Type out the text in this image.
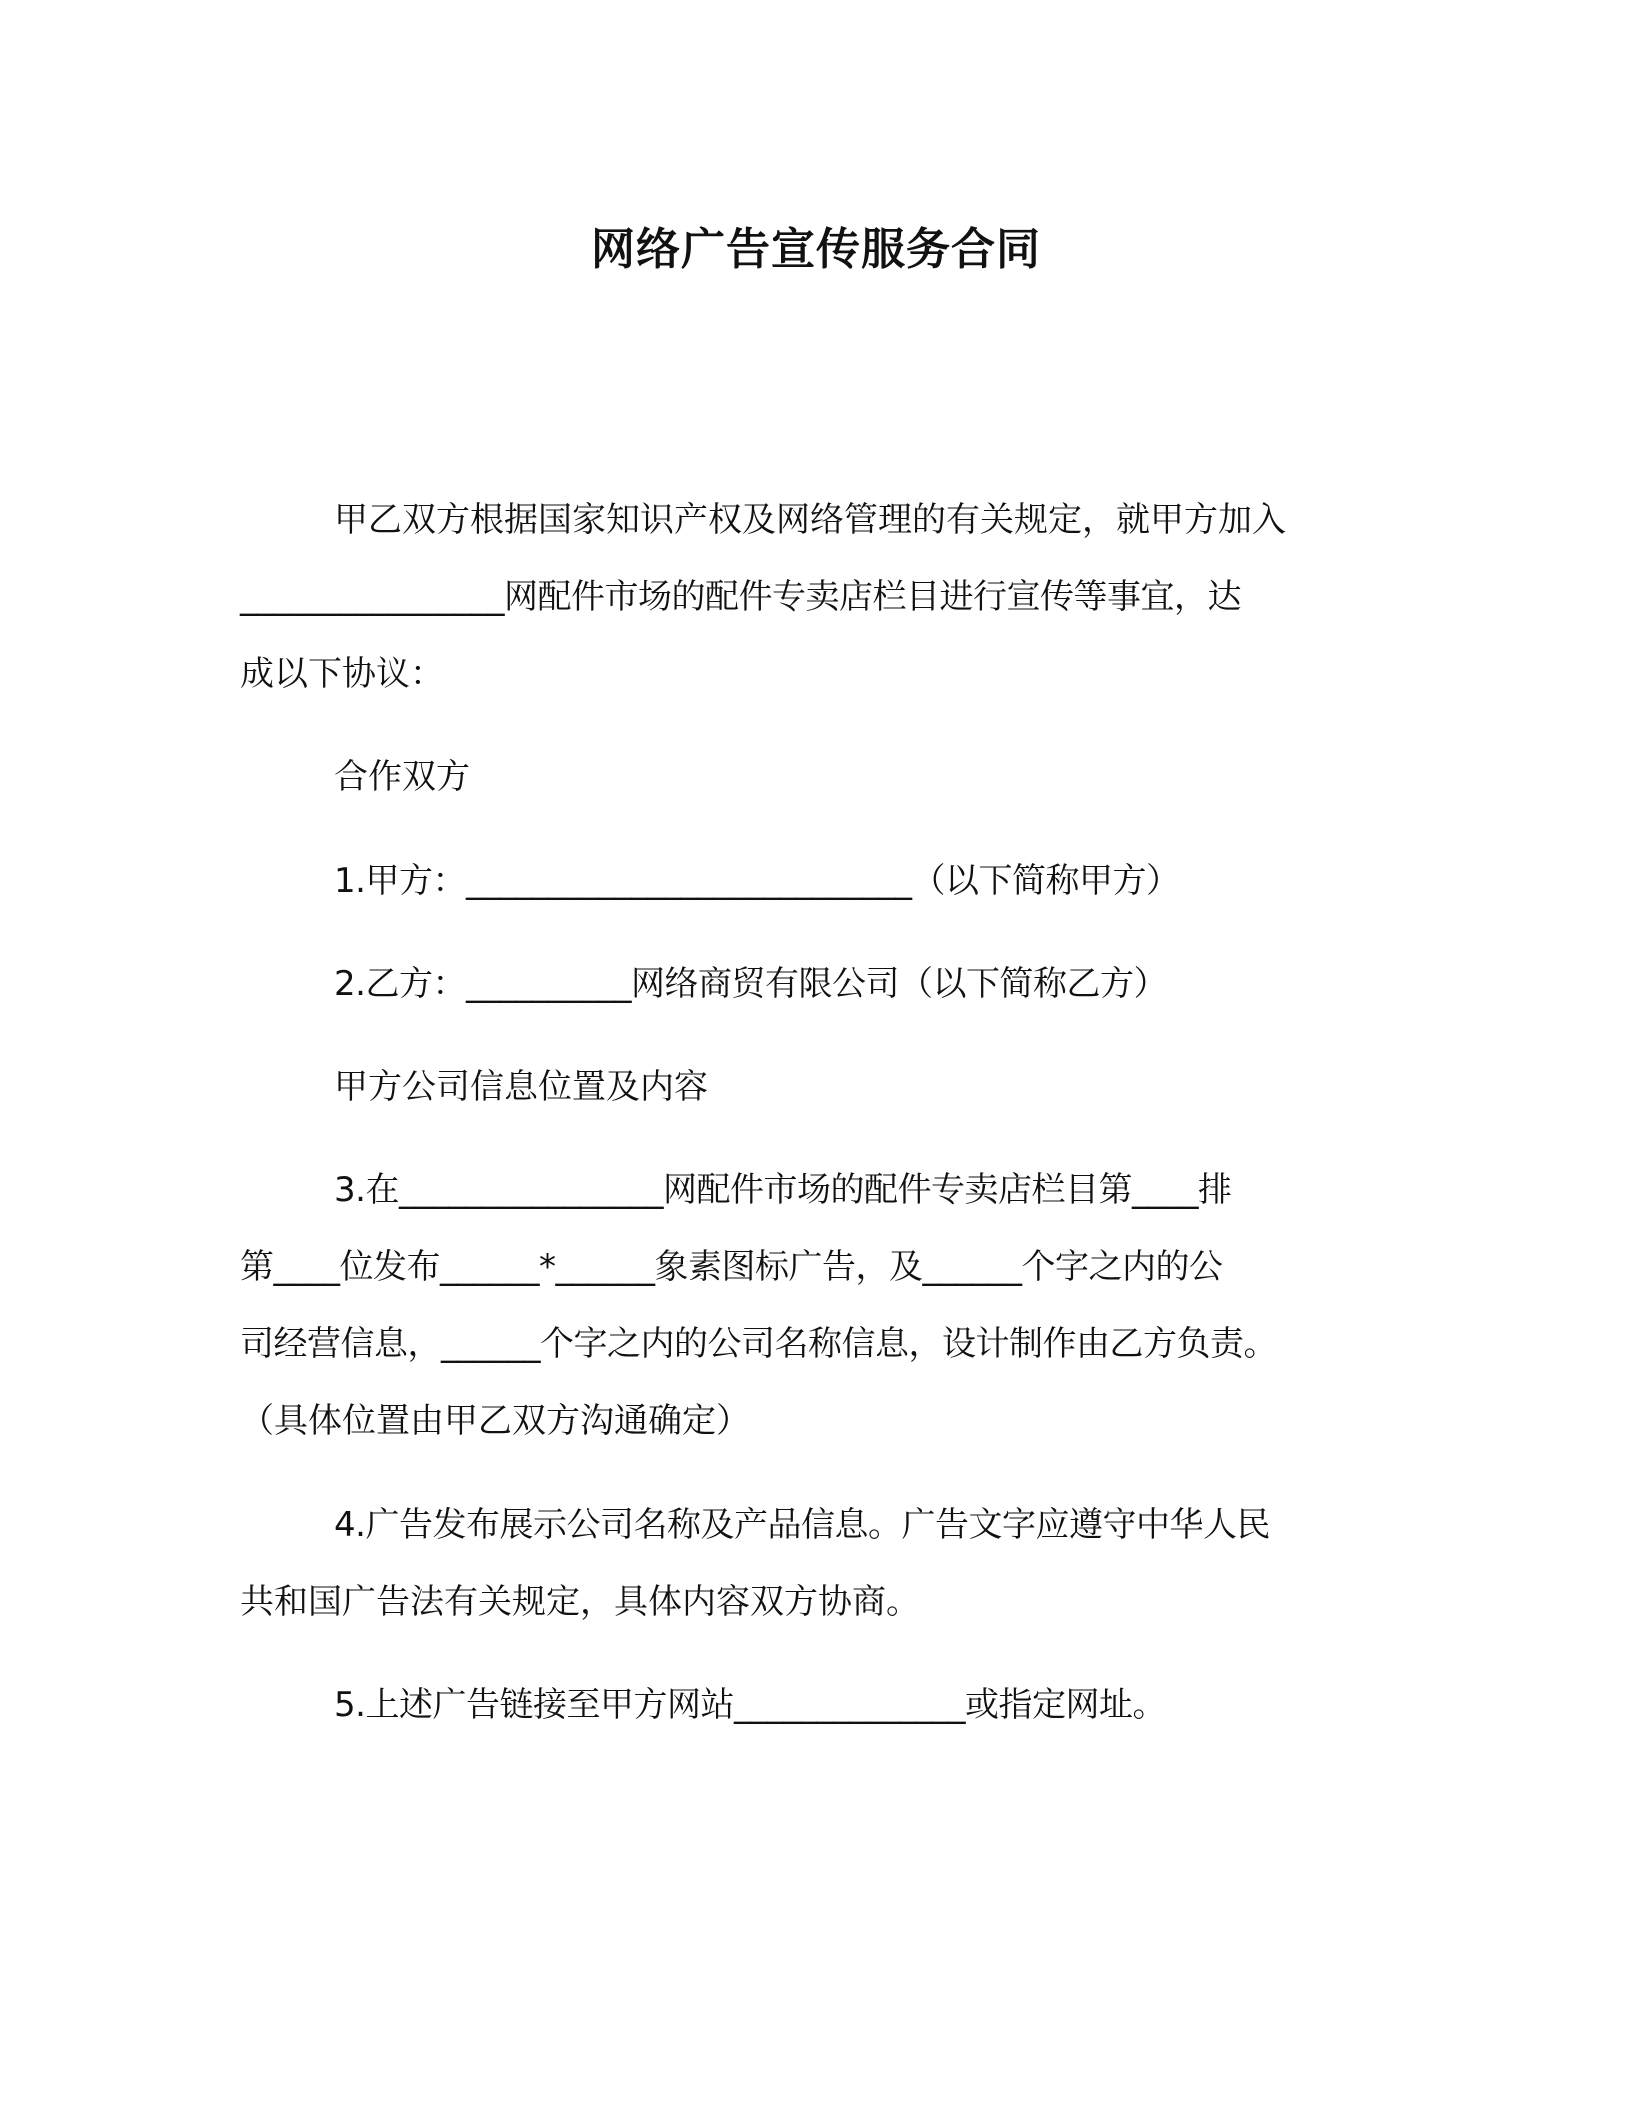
网络广告宣传服务合同
甲乙双方根据国家知识产权及网络管理的有关规定，就甲方加入
________________网配件市场的配件专卖店栏目进行宣传等事宜，达
成以下协议：
合作双方
1.甲方：___________________________（以下简称甲方）
2.乙方：__________网络商贸有限公司（以下简称乙方）
甲方公司信息位置及内容
3.在________________网配件市场的配件专卖店栏目第____排
第____位发布______*______象素图标广告，及______个字之内的公
司经营信息，______个字之内的公司名称信息，设计制作由乙方负责。
（具体位置由甲乙双方沟通确定）
4.广告发布展示公司名称及产品信息。广告文字应遵守中华人民
共和国广告法有关规定，具体内容双方协商。
5.上述广告链接至甲方网站______________或指定网址。
